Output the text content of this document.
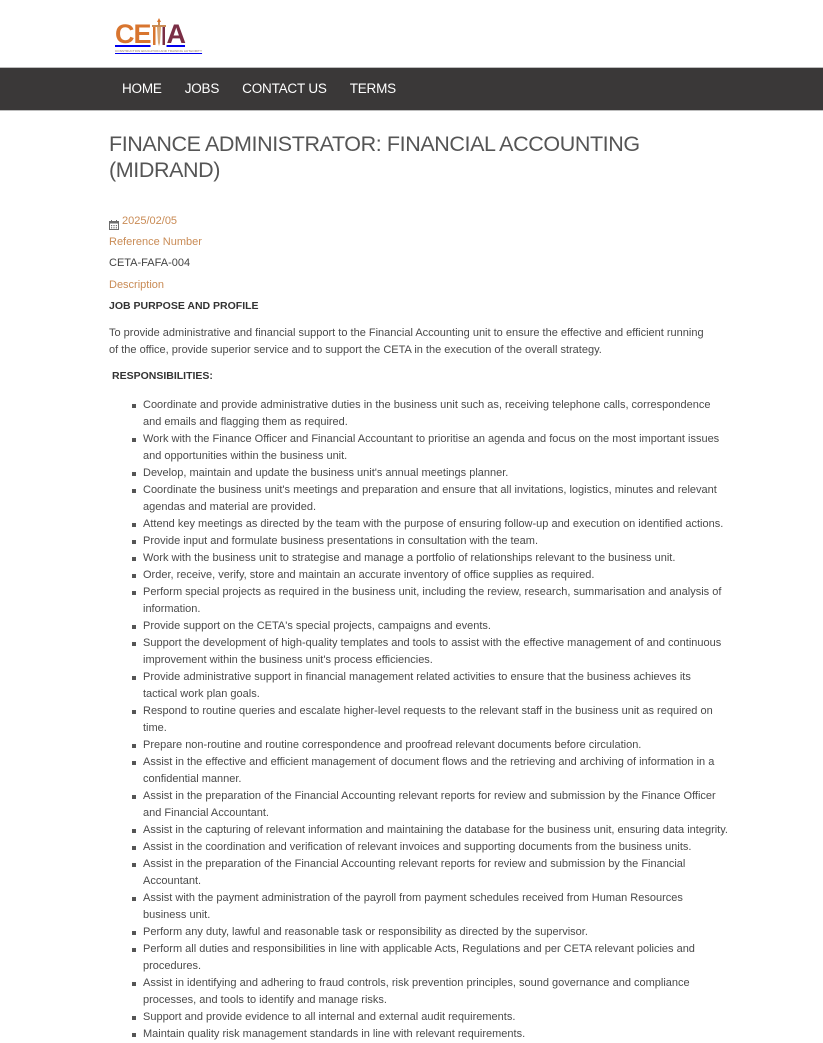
CE A
CONSTRUCTION EDUCATION AND TRAINING AUTHORITY
HOME JOBS CONTACT US TERMS
FINANCE ADMINISTRATOR: FINANCIAL ACCOUNTING (MIDRAND)
2025/02/05
Reference Number
CETA-FAFA-004
Description
JOB PURPOSE AND PROFILE

To provide administrative and financial support to the Financial Accounting unit to ensure the effective and efficient running of the office, provide superior service and to support the CETA in the execution of the overall strategy.

RESPONSIBILITIES:
Coordinate and provide administrative duties in the business unit such as, receiving telephone calls, correspondence and emails and flagging them as required.
Work with the Finance Officer and Financial Accountant to prioritise an agenda and focus on the most important issues and opportunities within the business unit.
Develop, maintain and update the business unit's annual meetings planner.
Coordinate the business unit's meetings and preparation and ensure that all invitations, logistics, minutes and relevant agendas and material are provided.
Attend key meetings as directed by the team with the purpose of ensuring follow-up and execution on identified actions.
Provide input and formulate business presentations in consultation with the team.
Work with the business unit to strategise and manage a portfolio of relationships relevant to the business unit.
Order, receive, verify, store and maintain an accurate inventory of office supplies as required.
Perform special projects as required in the business unit, including the review, research, summarisation and analysis of information.
Provide support on the CETA's special projects, campaigns and events.
Support the development of high-quality templates and tools to assist with the effective management of and continuous improvement within the business unit's process efficiencies.
Provide administrative support in financial management related activities to ensure that the business achieves its tactical work plan goals.
Respond to routine queries and escalate higher-level requests to the relevant staff in the business unit as required on time.
Prepare non-routine and routine correspondence and proofread relevant documents before circulation.
Assist in the effective and efficient management of document flows and the retrieving and archiving of information in a confidential manner.
Assist in the preparation of the Financial Accounting relevant reports for review and submission by the Finance Officer and Financial Accountant.
Assist in the capturing of relevant information and maintaining the database for the business unit, ensuring data integrity.
Assist in the coordination and verification of relevant invoices and supporting documents from the business units.
Assist in the preparation of the Financial Accounting relevant reports for review and submission by the Financial Accountant.
Assist with the payment administration of the payroll from payment schedules received from Human Resources business unit.
Perform any duty, lawful and reasonable task or responsibility as directed by the supervisor.
Perform all duties and responsibilities in line with applicable Acts, Regulations and per CETA relevant policies and procedures.
Assist in identifying and adhering to fraud controls, risk prevention principles, sound governance and compliance processes, and tools to identify and manage risks.
Support and provide evidence to all internal and external audit requirements.
Maintain quality risk management standards in line with relevant requirements.
